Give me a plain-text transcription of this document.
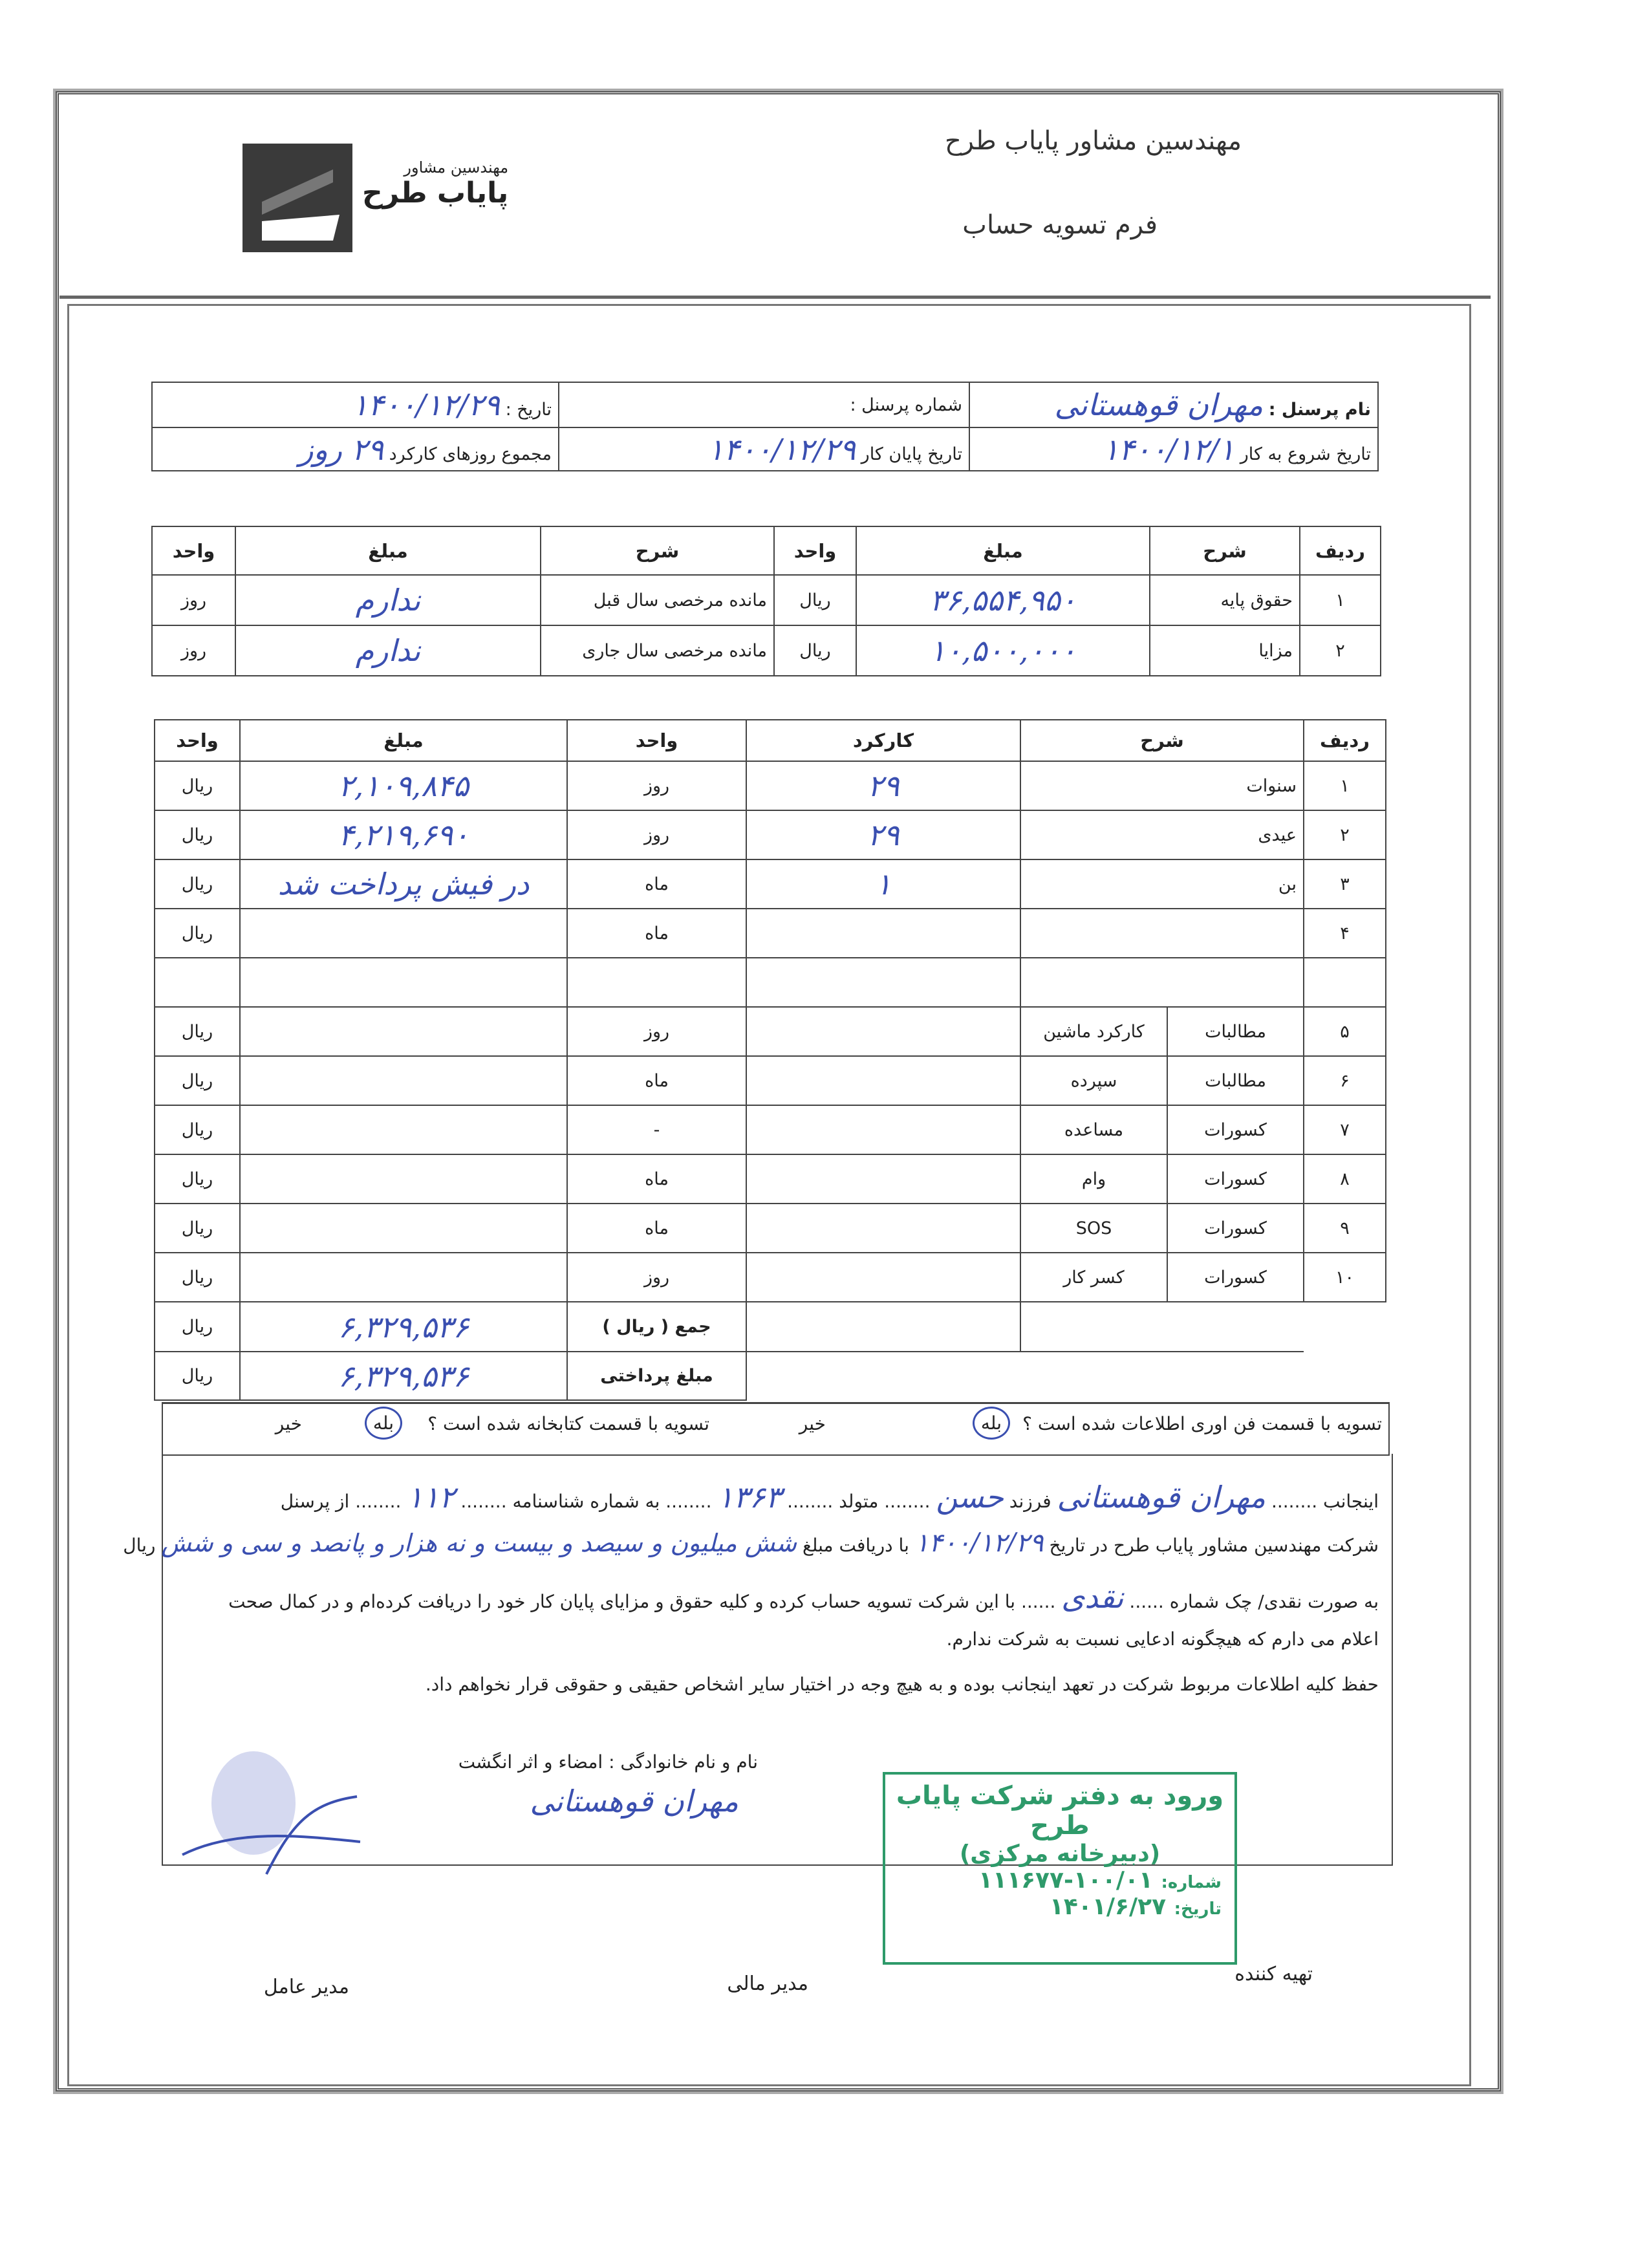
مهندسین مشاور پایاب طرح
فرم تسویه حساب
مهندسین مشاور
پایاب طرح
نام پرسنل : مهران قوهستانی	شماره پرسنل :	تاریخ : ۱۴۰۰/۱۲/۲۹
تاریخ شروع به کار ۱۴۰۰/۱۲/۱	تاریخ پایان کار ۱۴۰۰/۱۲/۲۹	مجموع روزهای کارکرد ۲۹ روز
ردیف	شرح	مبلغ	واحد	شرح	مبلغ	واحد
۱	حقوق پایه	۳۶,۵۵۴,۹۵۰	ریال	مانده مرخصی سال قبل	ندارم	روز
۲	مزایا	۱۰,۵۰۰,۰۰۰	ریال	مانده مرخصی سال جاری	ندارم	روز
ردیف	شرح		کارکرد	واحد	مبلغ	واحد
۱	سنوات		۲۹	روز	۲,۱۰۹,۸۴۵	ریال
۲	عیدی		۲۹	روز	۴,۲۱۹,۶۹۰	ریال
۳	بن		۱	ماه	در فیش پرداخت شد	ریال
۴				ماه		ریال

۵	مطالبات	کارکرد ماشین		روز		ریال
۶	مطالبات	سپرده		ماه		ریال
۷	کسورات	مساعده		-		ریال
۸	کسورات	وام		ماه		ریال
۹	کسورات	SOS		ماه		ریال
۱۰	کسورات	کسر کار		روز		ریال
				جمع ( ریال )	۶,۳۲۹,۵۳۶	ریال
				مبلغ پرداختی	۶,۳۲۹,۵۳۶	ریال
تسویه با قسمت فن اوری اطلاعات شده است ؟
بله
خیر
تسویه با قسمت کتابخانه شده است ؟
بله
خیر
اینجانب ........ مهران قوهستانی فرزند حسن ........ متولد ........ ۱۳۶۳ ........ به شماره شناسنامه ........ ۱۱۲ ........ از پرسنل
شرکت مهندسین مشاور پایاب طرح در تاریخ ۱۴۰۰/۱۲/۲۹ با دریافت مبلغ شش میلیون و سیصد و بیست و نه هزار و پانصد و سی و شش ریال
به صورت نقدی/ چک شماره ...... نقدی ...... با این شرکت تسویه حساب کرده و کلیه حقوق و مزایای پایان کار خود را دریافت کرده‌ام و در کمال صحت
اعلام می دارم که هیچگونه ادعایی نسبت به شرکت ندارم.
حفظ کلیه اطلاعات مربوط شرکت در تعهد اینجانب بوده و به هیچ وجه در اختیار سایر اشخاص حقیقی و حقوقی قرار نخواهم داد.
نام و نام خانوادگی : امضاء و اثر انگشت
مهران قوهستانی	ورود به دفتر شرکت پایاب طرح
(دبیرخانه مرکزی)
شماره: ۱۰۰/۰۱-۱۱۱۶۷۷
تاریخ: ۱۴۰۱/۶/۲۷
تهیه کننده
مدیر مالی
مدیر عامل
